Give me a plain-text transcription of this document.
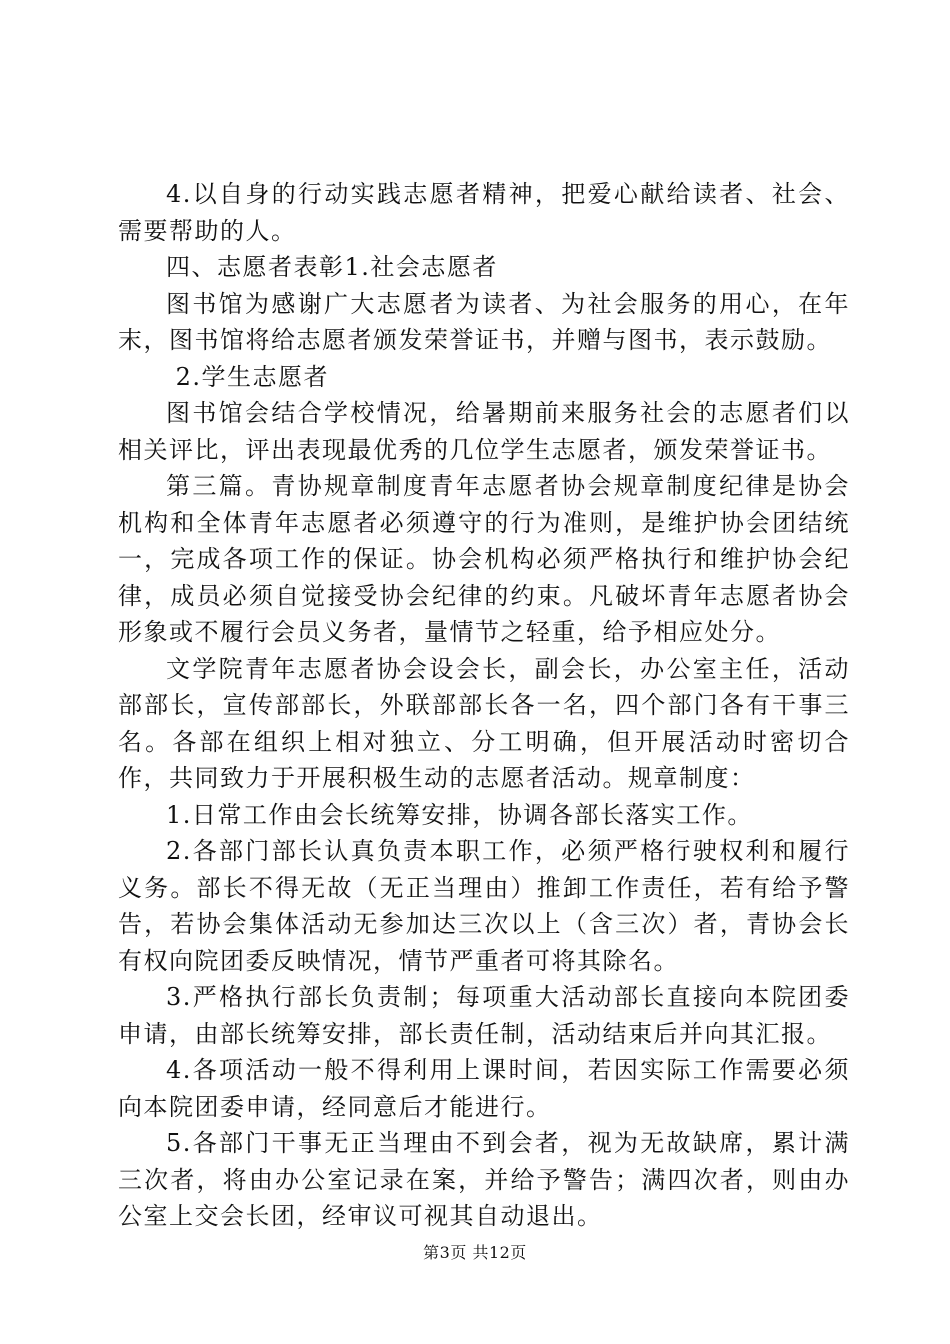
4.以自身的行动实践志愿者精神，把爱心献给读者、社会、需要帮助的人。

四、志愿者表彰1.社会志愿者

图书馆为感谢广大志愿者为读者、为社会服务的用心，在年末，图书馆将给志愿者颁发荣誉证书，并赠与图书，表示鼓励。

2.学生志愿者

图书馆会结合学校情况，给暑期前来服务社会的志愿者们以相关评比，评出表现最优秀的几位学生志愿者，颁发荣誉证书。

第三篇。青协规章制度青年志愿者协会规章制度纪律是协会机构和全体青年志愿者必须遵守的行为准则，是维护协会团结统一，完成各项工作的保证。协会机构必须严格执行和维护协会纪律，成员必须自觉接受协会纪律的约束。凡破坏青年志愿者协会形象或不履行会员义务者，量情节之轻重，给予相应处分。

文学院青年志愿者协会设会长，副会长，办公室主任，活动部部长，宣传部部长，外联部部长各一名，四个部门各有干事三名。各部在组织上相对独立、分工明确，但开展活动时密切合作，共同致力于开展积极生动的志愿者活动。规章制度：

1.日常工作由会长统筹安排，协调各部长落实工作。

2.各部门部长认真负责本职工作，必须严格行驶权利和履行义务。部长不得无故（无正当理由）推卸工作责任，若有给予警告，若协会集体活动无参加达三次以上（含三次）者，青协会长有权向院团委反映情况，情节严重者可将其除名。

3.严格执行部长负责制；每项重大活动部长直接向本院团委申请，由部长统筹安排，部长责任制，活动结束后并向其汇报。

4.各项活动一般不得利用上课时间，若因实际工作需要必须向本院团委申请，经同意后才能进行。

5.各部门干事无正当理由不到会者，视为无故缺席，累计满三次者，将由办公室记录在案，并给予警告；满四次者，则由办公室上交会长团，经审议可视其自动退出。

第3页 共12页
